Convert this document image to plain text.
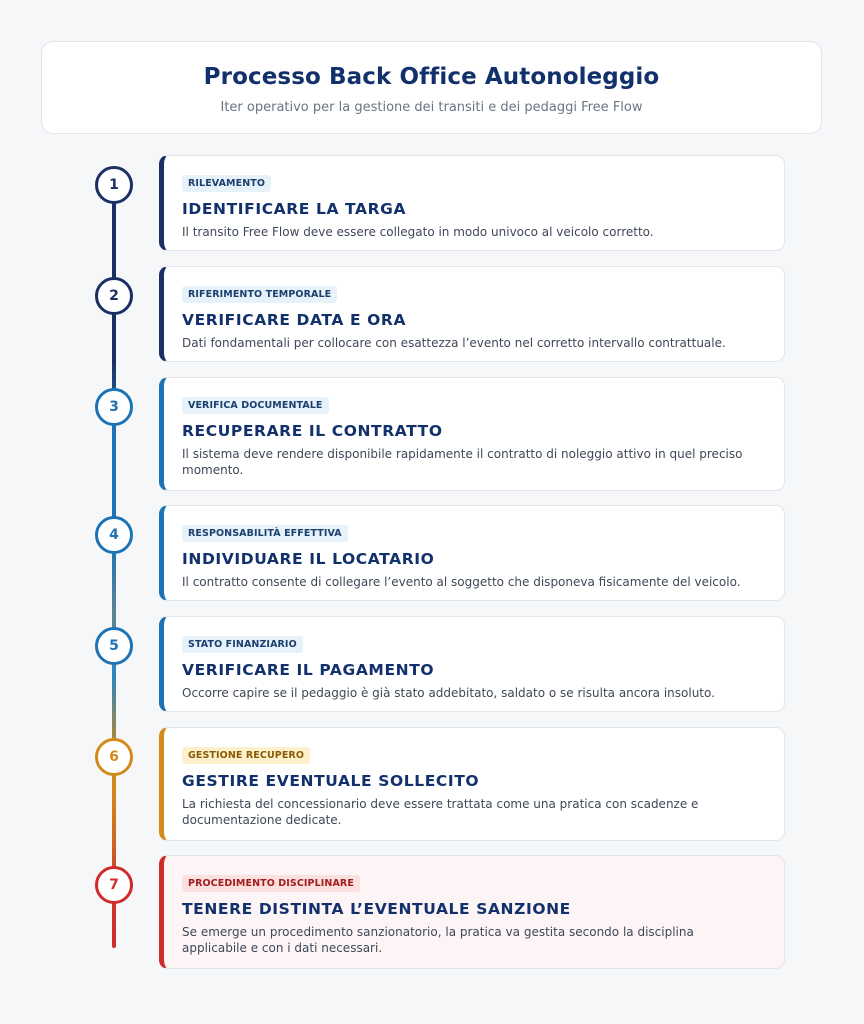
Processo Back Office Autonoleggio

Iter operativo per la gestione dei transiti e dei pedaggi Free Flow

1	RILEVAMENTO
IDENTIFICARE LA TARGA

Il transito Free Flow deve essere collegato in modo univoco al veicolo corretto.

2	RIFERIMENTO TEMPORALE
VERIFICARE DATA E ORA

Dati fondamentali per collocare con esattezza l’evento nel corretto intervallo contrattuale.

3	VERIFICA DOCUMENTALE
RECUPERARE IL CONTRATTO

Il sistema deve rendere disponibile rapidamente il contratto di noleggio attivo in quel preciso momento.

4	RESPONSABILITÀ EFFETTIVA
INDIVIDUARE IL LOCATARIO

Il contratto consente di collegare l’evento al soggetto che disponeva fisicamente del veicolo.

5	STATO FINANZIARIO
VERIFICARE IL PAGAMENTO

Occorre capire se il pedaggio è già stato addebitato, saldato o se risulta ancora insoluto.

6	GESTIONE RECUPERO
GESTIRE EVENTUALE SOLLECITO

La richiesta del concessionario deve essere trattata come una pratica con scadenze e documentazione dedicate.

7	PROCEDIMENTO DISCIPLINARE
TENERE DISTINTA L’EVENTUALE SANZIONE

Se emerge un procedimento sanzionatorio, la pratica va gestita secondo la disciplina applicabile e con i dati necessari.
